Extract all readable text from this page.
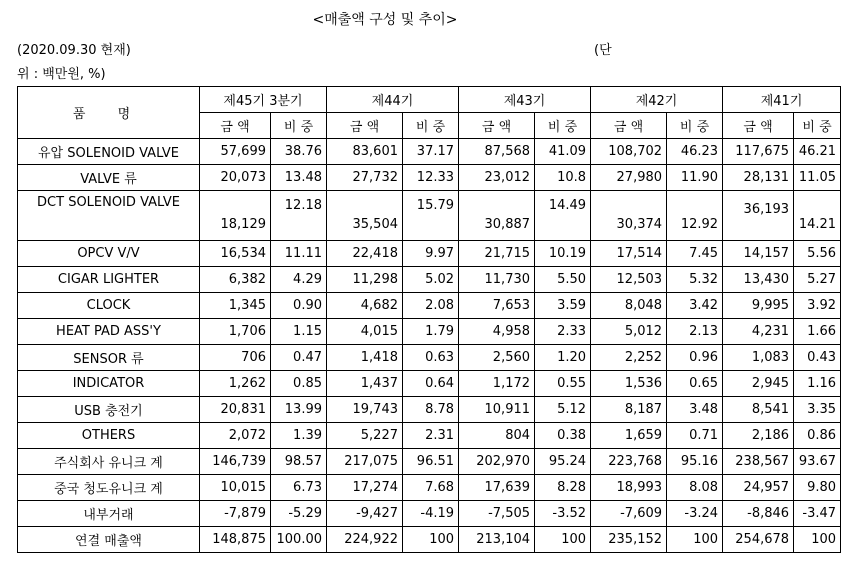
<매출액 구성 및 추이>
(2020.09.30 현재)	(단
위 : 백만원, %)
품 명	제45기 3분기		제44기		제43기		제42기		제41기	
	금 액	비 중	금 액	비 중	금 액	비 중	금 액	비 중	금 액	비 중
유압 SOLENOID VALVE	57,699	38.76	83,601	37.17	87,568	41.09	108,702	46.23	117,675	46.21
VALVE 류	20,073	13.48	27,732	12.33	23,012	10.8	27,980	11.90	28,131	11.05
DCT SOLENOID VALVE	18,129	12.18	35,504	15.79	30,887	14.49	30,374	12.92	36,193	14.21
OPCV V/V	16,534	11.11	22,418	9.97	21,715	10.19	17,514	7.45	14,157	5.56
CIGAR LIGHTER	6,382	4.29	11,298	5.02	11,730	5.50	12,503	5.32	13,430	5.27
CLOCK	1,345	0.90	4,682	2.08	7,653	3.59	8,048	3.42	9,995	3.92
HEAT PAD ASS'Y	1,706	1.15	4,015	1.79	4,958	2.33	5,012	2.13	4,231	1.66
SENSOR 류	706	0.47	1,418	0.63	2,560	1.20	2,252	0.96	1,083	0.43
INDICATOR	1,262	0.85	1,437	0.64	1,172	0.55	1,536	0.65	2,945	1.16
USB 충전기	20,831	13.99	19,743	8.78	10,911	5.12	8,187	3.48	8,541	3.35
OTHERS	2,072	1.39	5,227	2.31	804	0.38	1,659	0.71	2,186	0.86
주식회사 유니크 계	146,739	98.57	217,075	96.51	202,970	95.24	223,768	95.16	238,567	93.67
중국 청도유니크 계	10,015	6.73	17,274	7.68	17,639	8.28	18,993	8.08	24,957	9.80
내부거래	-7,879	-5.29	-9,427	-4.19	-7,505	-3.52	-7,609	-3.24	-8,846	-3.47
연결 매출액	148,875	100.00	224,922	100	213,104	100	235,152	100	254,678	100
